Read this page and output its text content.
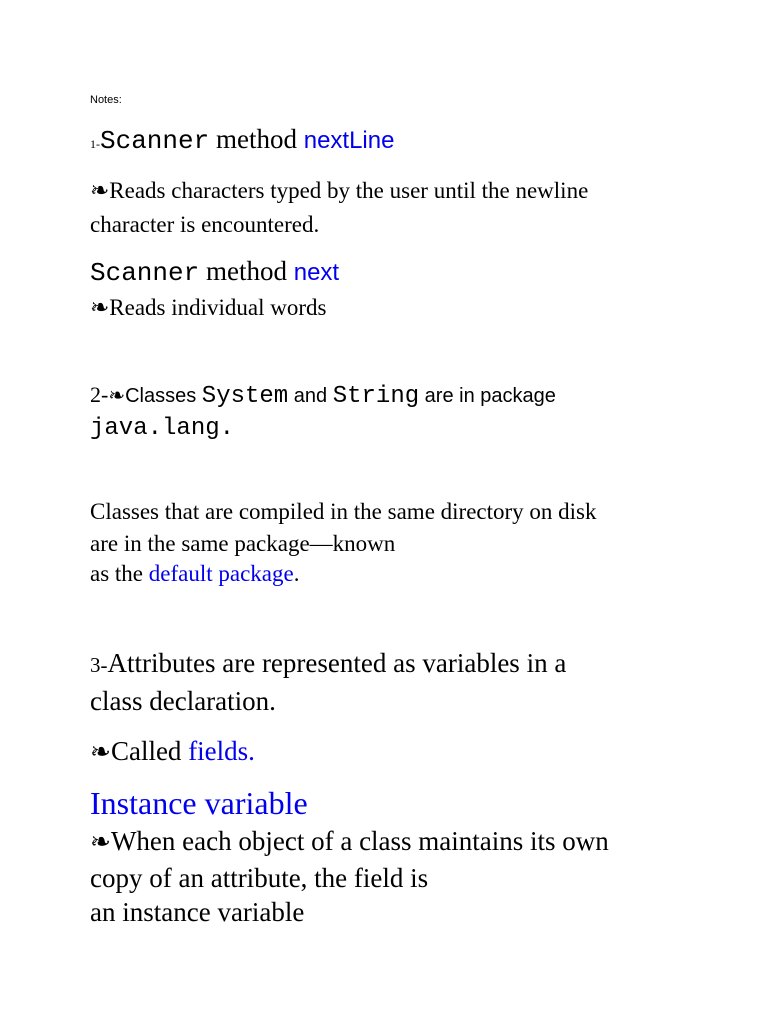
Notes:
1-Scanner method nextLine
❧Reads characters typed by the user until the newline
character is encountered.
Scanner method next
❧Reads individual words
2-❧Classes System and String are in package
java.lang.
Classes that are compiled in the same directory on disk
are in the same package—known
as the default package.
3-Attributes are represented as variables in a
class declaration.
❧Called fields.
Instance variable
❧When each object of a class maintains its own
copy of an attribute, the field is
an instance variable
